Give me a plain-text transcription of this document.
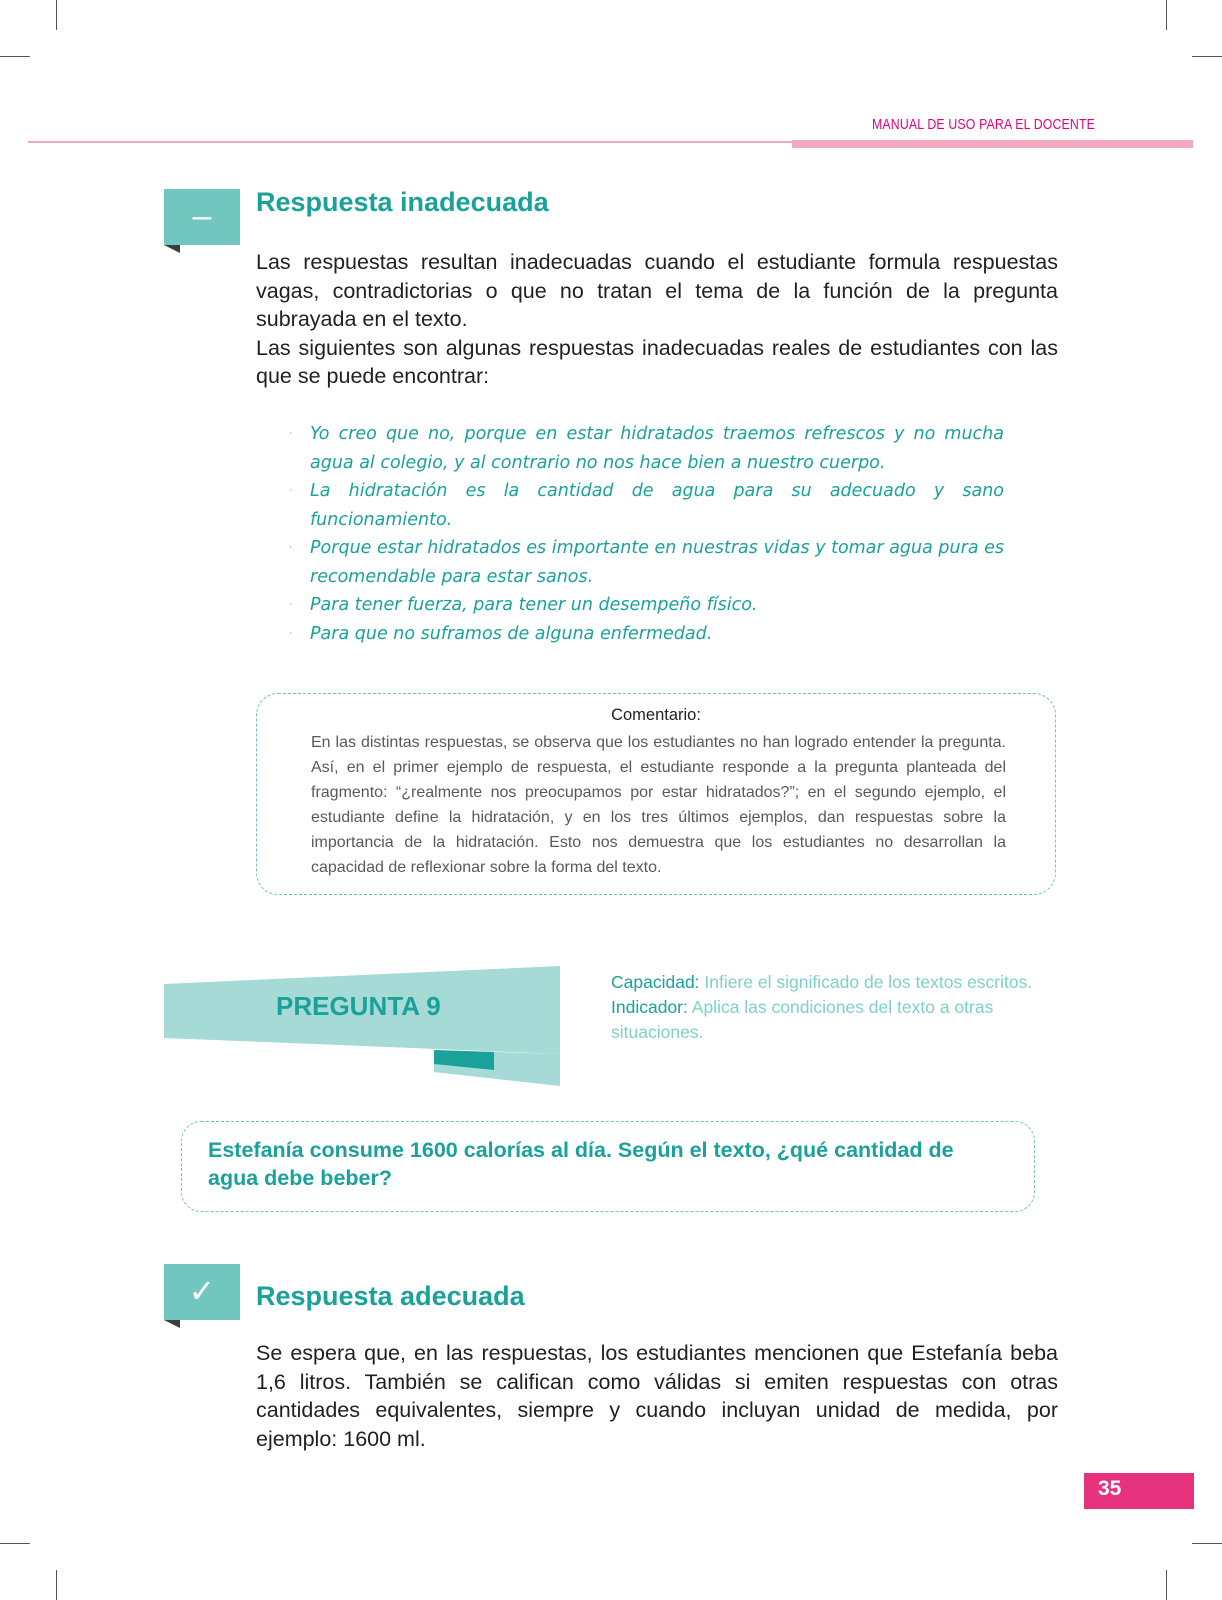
MANUAL DE USO PARA EL DOCENTE
–	Respuesta inadecuada

Las respuestas resultan inadecuadas cuando el estudiante formula respuestas vagas, contradictorias o que no tratan el tema de la función de la pregunta subrayada en el texto.

Las siguientes son algunas respuestas inadecuadas reales de estudiantes con las que se puede encontrar:

· Yo creo que no, porque en estar hidratados traemos refrescos y no mucha agua al colegio, y al contrario no nos hace bien a nuestro cuerpo.
· La hidratación es la cantidad de agua para su adecuado y sano funcionamiento.
· Porque estar hidratados es importante en nuestras vidas y tomar agua pura es recomendable para estar sanos.
· Para tener fuerza, para tener un desempeño físico.
· Para que no suframos de alguna enfermedad.
Comentario:
En las distintas respuestas, se observa que los estudiantes no han logrado entender la pregunta. Así, en el primer ejemplo de respuesta, el estudiante responde a la pregunta planteada del fragmento: “¿realmente nos preocupamos por estar hidratados?”; en el segundo ejemplo, el estudiante define la hidratación, y en los tres últimos ejemplos, dan respuestas sobre la importancia de la hidratación. Esto nos demuestra que los estudiantes no desarrollan la capacidad de reflexionar sobre la forma del texto.
PREGUNTA 9
Capacidad: Infiere el significado de los textos escritos.
Indicador: Aplica las condiciones del texto a otras situaciones.
Estefanía consume 1600 calorías al día. Según el texto, ¿qué cantidad de agua debe beber?
✓	Respuesta adecuada
Se espera que, en las respuestas, los estudiantes mencionen que Estefanía beba 1,6 litros. También se califican como válidas si emiten respuestas con otras cantidades equivalentes, siempre y cuando incluyan unidad de medida, por ejemplo: 1600 ml.
35
